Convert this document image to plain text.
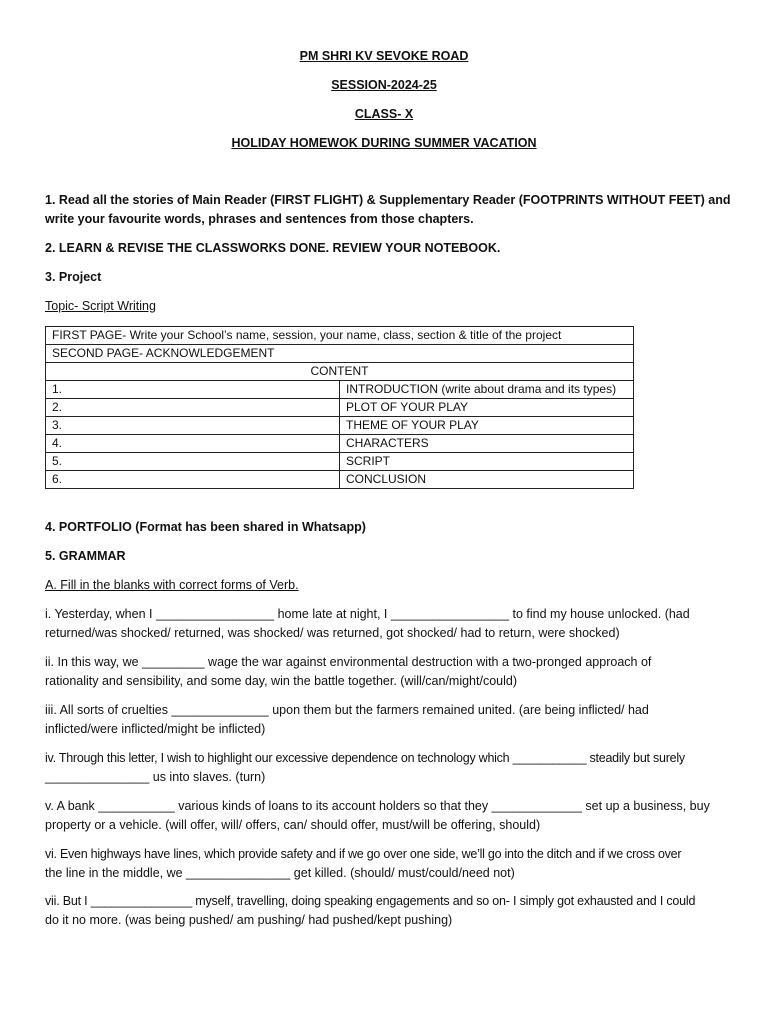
PM SHRI KV SEVOKE ROAD
SESSION-2024-25
CLASS- X
HOLIDAY HOMEWOK DURING SUMMER VACATION
1. Read all the stories of Main Reader (FIRST FLIGHT) & Supplementary Reader (FOOTPRINTS WITHOUT FEET) and
write your favourite words, phrases and sentences from those chapters.
2. LEARN & REVISE THE CLASSWORKS DONE. REVIEW YOUR NOTEBOOK.
3. Project
Topic- Script Writing
FIRST PAGE- Write your School’s name, session, your name, class, section & title of the project	
SECOND PAGE- ACKNOWLEDGEMENT	
CONTENT	
1.	INTRODUCTION (write about drama and its types)
2.	PLOT OF YOUR PLAY
3.	THEME OF YOUR PLAY
4.	CHARACTERS
5.	SCRIPT
6.	CONCLUSION
4. PORTFOLIO (Format has been shared in Whatsapp)
5. GRAMMAR
A. Fill in the blanks with correct forms of Verb.
i. Yesterday, when I _________________ home late at night, I _________________ to find my house unlocked. (had
returned/was shocked/ returned, was shocked/ was returned, got shocked/ had to return, were shocked)
ii. In this way, we _________ wage the war against environmental destruction with a two-pronged approach of
rationality and sensibility, and some day, win the battle together. (will/can/might/could)
iii. All sorts of cruelties ______________ upon them but the farmers remained united. (are being inflicted/ had
inflicted/were inflicted/might be inflicted)
iv. Through this letter, I wish to highlight our excessive dependence on technology which ___________ steadily but surely
_______________ us into slaves. (turn)
v. A bank ___________ various kinds of loans to its account holders so that they _____________ set up a business, buy
property or a vehicle. (will offer, will/ offers, can/ should offer, must/will be offering, should)
vi. Even highways have lines, which provide safety and if we go over one side, we’ll go into the ditch and if we cross over
the line in the middle, we _______________ get killed. (should/ must/could/need not)
vii. But I _______________ myself, travelling, doing speaking engagements and so on- I simply got exhausted and I could
do it no more. (was being pushed/ am pushing/ had pushed/kept pushing)
